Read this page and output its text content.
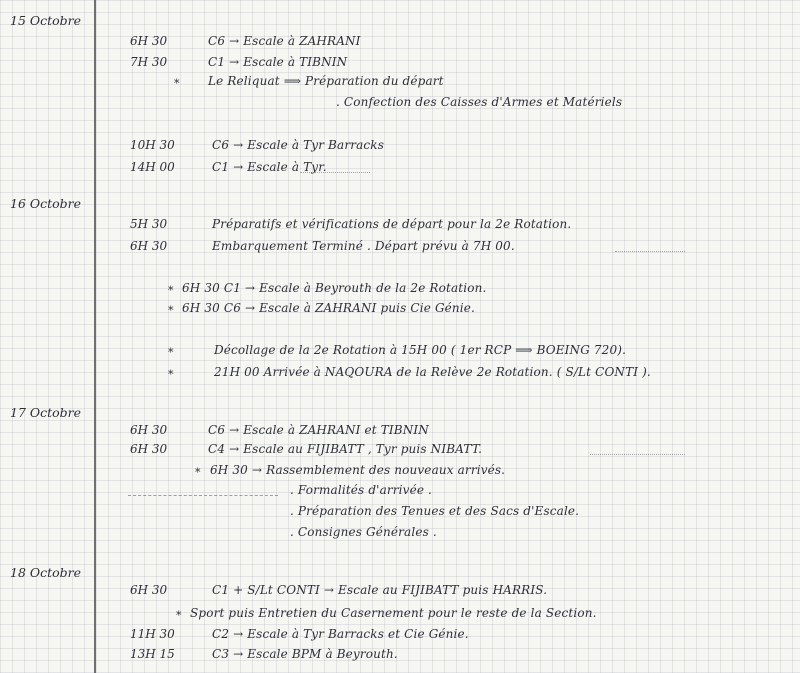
15 Octobre
6H 30	C6 → Escale à ZAHRANI
7H 30	C1 → Escale à TIBNIN
* Le Reliquat ⟹ Préparation du départ
. Confection des Caisses d'Armes et Matériels
10H 30	C6 → Escale à Tyr Barracks
14H 00	C1 → Escale à Tyr.
16 Octobre
5H 30	Préparatifs et vérifications de départ pour la 2e Rotation.
6H 30	Embarquement Terminé . Départ prévu à 7H 00.
* 6H 30 C1 → Escale à Beyrouth de la 2e Rotation.
* 6H 30 C6 → Escale à ZAHRANI puis Cie Génie.
*	Décollage de la 2e Rotation à 15H 00 ( 1er RCP ⟹ BOEING 720).
*	21H 00 Arrivée à NAQOURA de la Relève 2e Rotation. ( S/Lt CONTI ).
17 Octobre
6H 30	C6 → Escale à ZAHRANI et TIBNIN
6H 30	C4 → Escale au FIJIBATT , Tyr puis NIBATT.
* 6H 30 → Rassemblement des nouveaux arrivés.
. Formalités d'arrivée .
. Préparation des Tenues et des Sacs d'Escale.
. Consignes Générales .
18 Octobre
6H 30	C1 + S/Lt CONTI → Escale au FIJIBATT puis HARRIS.
* Sport puis Entretien du Casernement pour le reste de la Section.
11H 30	C2 → Escale à Tyr Barracks et Cie Génie.
13H 15	C3 → Escale BPM à Beyrouth.
